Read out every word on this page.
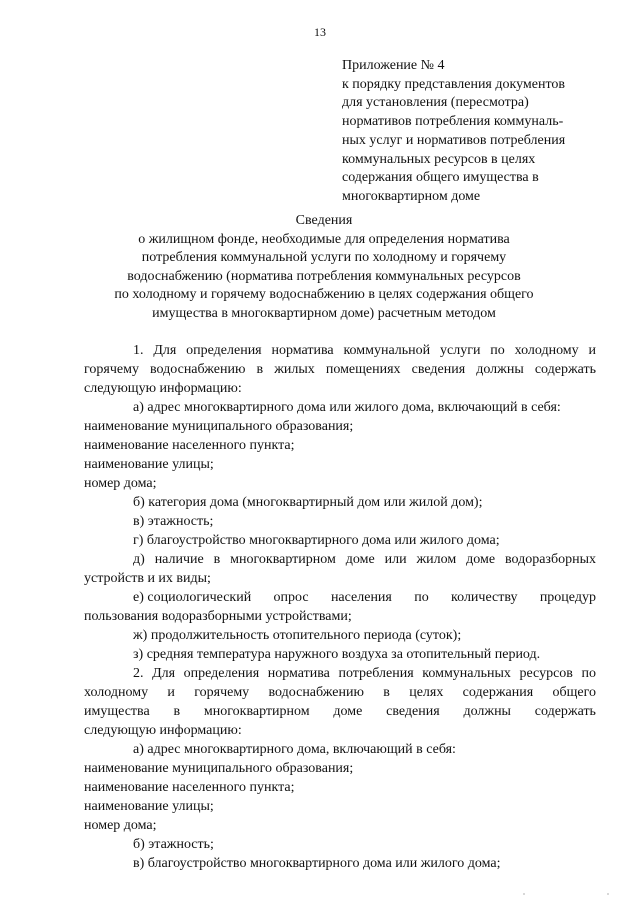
13
Приложение № 4
к порядку представления документов
для установления (пересмотра)
нормативов потребления коммуналь-
ных услуг и нормативов потребления
коммунальных ресурсов в целях
содержания общего имущества в
многоквартирном доме
Сведения
о жилищном фонде, необходимые для определения норматива
потребления коммунальной услуги по холодному и горячему
водоснабжению (норматива потребления коммунальных ресурсов
по холодному и горячему водоснабжению в целях содержания общего
имущества в многоквартирном доме) расчетным методом
1. Для определения норматива коммунальной услуги по холодному и
горячему водоснабжению в жилых помещениях сведения должны содержать
следующую информацию:
а) адрес многоквартирного дома или жилого дома, включающий в себя:
наименование муниципального образования;
наименование населенного пункта;
наименование улицы;
номер дома;
б) категория дома (многоквартирный дом или жилой дом);
в) этажность;
г) благоустройство многоквартирного дома или жилого дома;
д) наличие в многоквартирном доме или жилом доме водоразборных
устройств и их виды;
е) социологический опрос населения по количеству процедур
пользования водоразборными устройствами;
ж) продолжительность отопительного периода (суток);
з) средняя температура наружного воздуха за отопительный период.
2. Для определения норматива потребления коммунальных ресурсов по
холодному и горячему водоснабжению в целях содержания общего
имущества в многоквартирном доме сведения должны содержать
следующую информацию:
а) адрес многоквартирного дома, включающий в себя:
наименование муниципального образования;
наименование населенного пункта;
наименование улицы;
номер дома;
б) этажность;
в) благоустройство многоквартирного дома или жилого дома;
